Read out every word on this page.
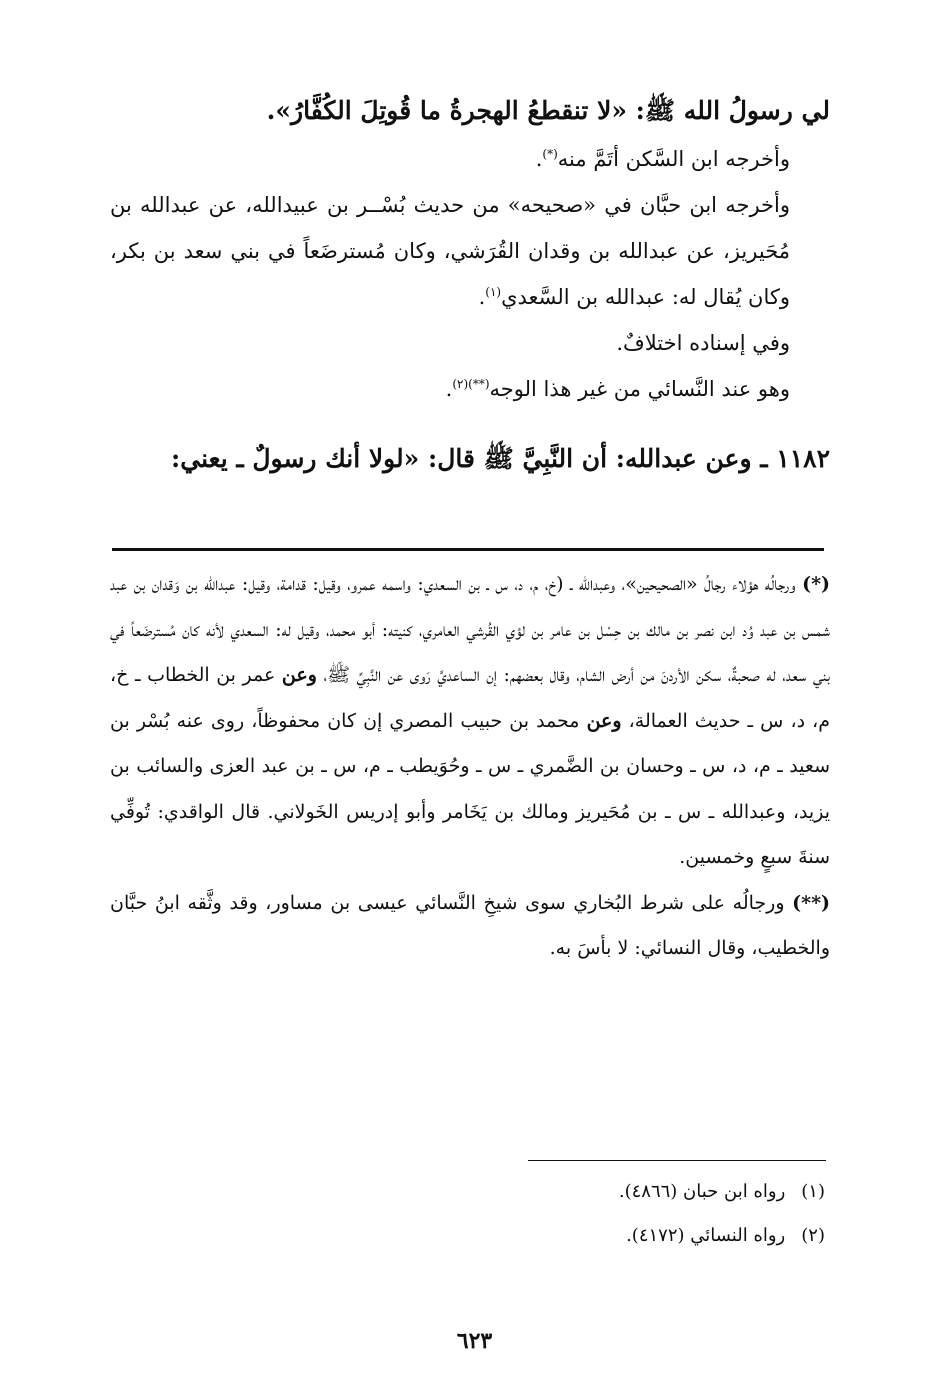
لي رسولُ الله ﷺ: «لا تنقطعُ الهجرةُ ما قُوتِلَ الكُفَّارُ».

وأخرجه ابن السَّكن أتَمَّ منه(*).

وأخرجه ابن حبَّان في «صحيحه» من حديث بُسْــر بن عبيدالله، عن عبدالله بن مُحَيريز، عن عبدالله بن وقدان القُرَشي، وكان مُسترضَعاً في بني سعد بن بكر، وكان يُقال له: عبدالله بن السَّعدي$^{(١)}$.

وفي إسناده اختلافٌ.

وهو عند النَّسائي من غير هذا الوجه$^{(**)(٢)}$.

١١٨٢ ـ وعن عبدالله: أن النَّبِيَّ ﷺ قال: «لولا أنك رسولٌ ـ يعني:

(*) ورجالُه هؤلاء رجالُ «الصحيحين»، وعبدالله ـ (خ، م، د، س ـ بن السعدي: واسمه عمرو، وقيل: قدامة، وقيل: عبدالله بن وَقدان بن عبد شمس بن عبد وُد ابن نصر بن مالك بن حِسْل بن عامر بن لؤي القُرشي العامري، كنيته: أبو محمد، وقيل له: السعدي لأنه كان مُسترضَعاً في بني سعد، له صحبةٌ، سكن الأردنَ من أرض الشام، وقال بعضهم: إن الساعديَّ رَوى عن النَّبِيِّ ﷺ، وعن عمر بن الخطاب ـ خ، م، د، س ـ حديث العمالة، وعن محمد بن حبيب المصري إن كان محفوظاً، روى عنه بُسْر بن سعيد ـ م، د، س ـ وحسان بن الضَّمري ـ س ـ وحُوَيطب ـ م، س ـ بن عبد العزى والسائب بن يزيد، وعبدالله ـ س ـ بن مُحَيريز ومالك بن يَخَامر وأبو إدريس الخَولاني. قال الواقدي: تُوفِّي سنةَ سبعٍ وخمسين.

(**) ورجالُه على شرط البُخاري سوى شيخِ النَّسائي عيسى بن مساور، وقد وثَّقه ابنُ حبَّان والخطيب، وقال النسائي: لا بأسَ به.

(١) رواه ابن حبان (٤٨٦٦).

(٢) رواه النسائي (٤١٧٢).

٦٢٣
